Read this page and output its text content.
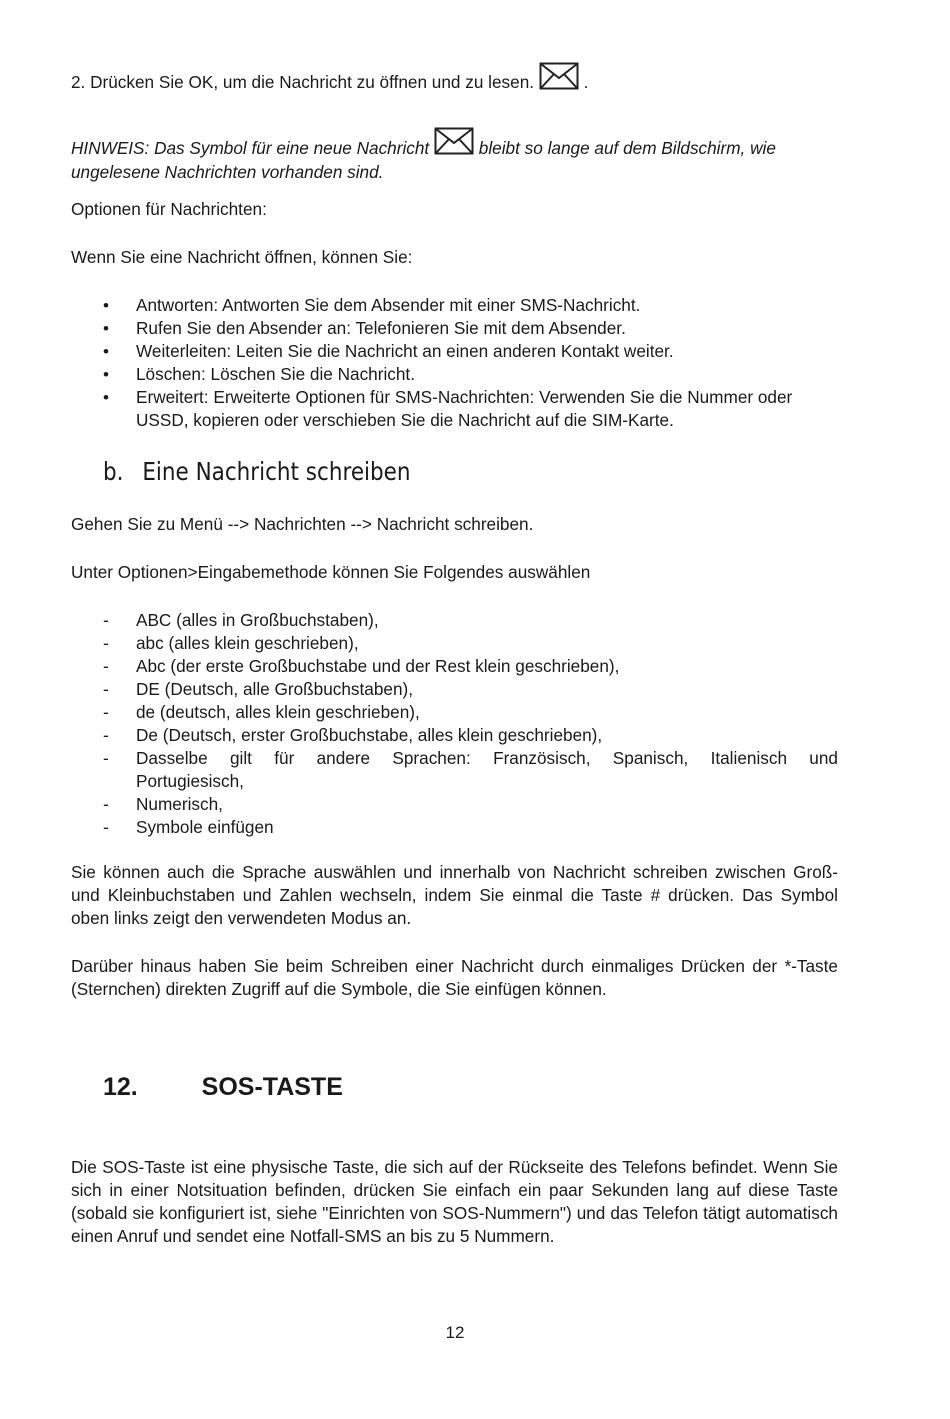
2. Drücken Sie OK, um die Nachricht zu öffnen und zu lesen.	.
HINWEIS: Das Symbol für eine neue Nachricht	bleibt so lange auf dem Bildschirm, wie
ungelesene Nachrichten vorhanden sind.
Optionen für Nachrichten:
Wenn Sie eine Nachricht öffnen, können Sie:
•
Antworten: Antworten Sie dem Absender mit einer SMS-Nachricht.
•
Rufen Sie den Absender an: Telefonieren Sie mit dem Absender.
•
Weiterleiten: Leiten Sie die Nachricht an einen anderen Kontakt weiter.
•
Löschen: Löschen Sie die Nachricht.
•
Erweitert: Erweiterte Optionen für SMS-Nachrichten: Verwenden Sie die Nummer oder USSD, kopieren oder verschieben Sie die Nachricht auf die SIM-Karte.
b. Eine Nachricht schreiben
Gehen Sie zu Menü --> Nachrichten --> Nachricht schreiben.
Unter Optionen>Eingabemethode können Sie Folgendes auswählen
- ABC (alles in Großbuchstaben),
- abc (alles klein geschrieben),
- Abc (der erste Großbuchstabe und der Rest klein geschrieben),
- DE (Deutsch, alle Großbuchstaben),
- de (deutsch, alles klein geschrieben),
- De (Deutsch, erster Großbuchstabe, alles klein geschrieben),
- Dasselbe gilt für andere Sprachen: Französisch, Spanisch, Italienisch und Portugiesisch,
- Numerisch,
- Symbole einfügen
Sie können auch die Sprache auswählen und innerhalb von Nachricht schreiben zwischen Groß- und Kleinbuchstaben und Zahlen wechseln, indem Sie einmal die Taste # drücken. Das Symbol oben links zeigt den verwendeten Modus an.
Darüber hinaus haben Sie beim Schreiben einer Nachricht durch einmaliges Drücken der *-Taste (Sternchen) direkten Zugriff auf die Symbole, die Sie einfügen können.
12.	SOS-TASTE
Die SOS-Taste ist eine physische Taste, die sich auf der Rückseite des Telefons befindet. Wenn Sie sich in einer Notsituation befinden, drücken Sie einfach ein paar Sekunden lang auf diese Taste (sobald sie konfiguriert ist, siehe "Einrichten von SOS-Nummern") und das Telefon tätigt automatisch einen Anruf und sendet eine Notfall-SMS an bis zu 5 Nummern.
12
